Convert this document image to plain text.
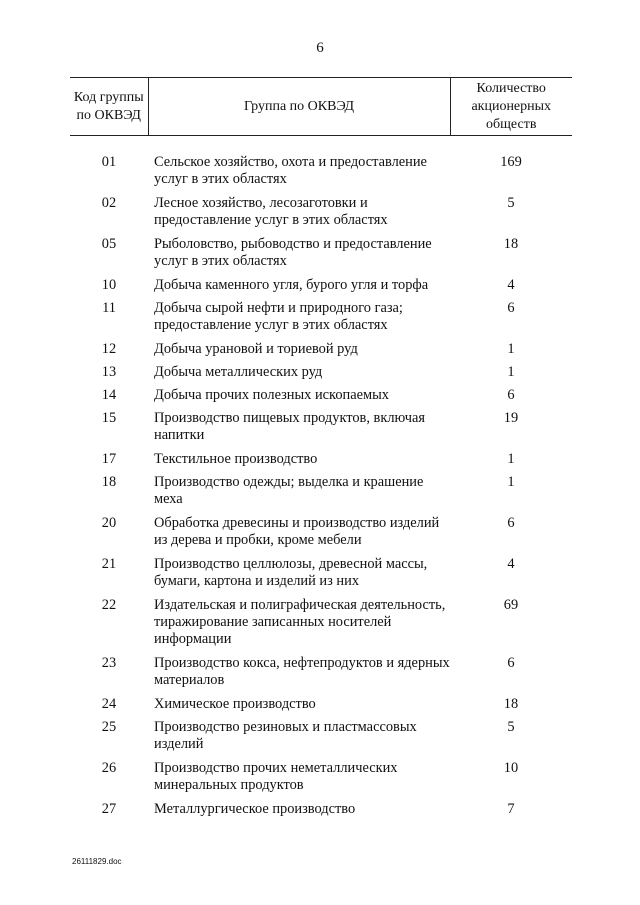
6
Код группы по ОКВЭД	Группа по ОКВЭД	Количество акционерных обществ

01	Сельское хозяйство, охота и предоставление услуг в этих областях	169
02	Лесное хозяйство, лесозаготовки и предоставление услуг в этих областях	5
05	Рыболовство, рыбоводство и предоставление услуг в этих областях	18
10	Добыча каменного угля, бурого угля и торфа	4
11	Добыча сырой нефти и природного газа; предоставление услуг в этих областях	6
12	Добыча урановой и ториевой руд	1
13	Добыча металлических руд	1
14	Добыча прочих полезных ископаемых	6
15	Производство пищевых продуктов, включая напитки	19
17	Текстильное производство	1
18	Производство одежды; выделка и крашение меха	1
20	Обработка древесины и производство изделий из дерева и пробки, кроме мебели	6
21	Производство целлюлозы, древесной массы, бумаги, картона и изделий из них	4
22	Издательская и полиграфическая деятельность, тиражирование записанных носителей информации	69
23	Производство кокса, нефтепродуктов и ядерных материалов	6
24	Химическое производство	18
25	Производство резиновых и пластмассовых изделий	5
26	Производство прочих неметаллических минеральных продуктов	10
27	Металлургическое производство	7
26111829.doc
